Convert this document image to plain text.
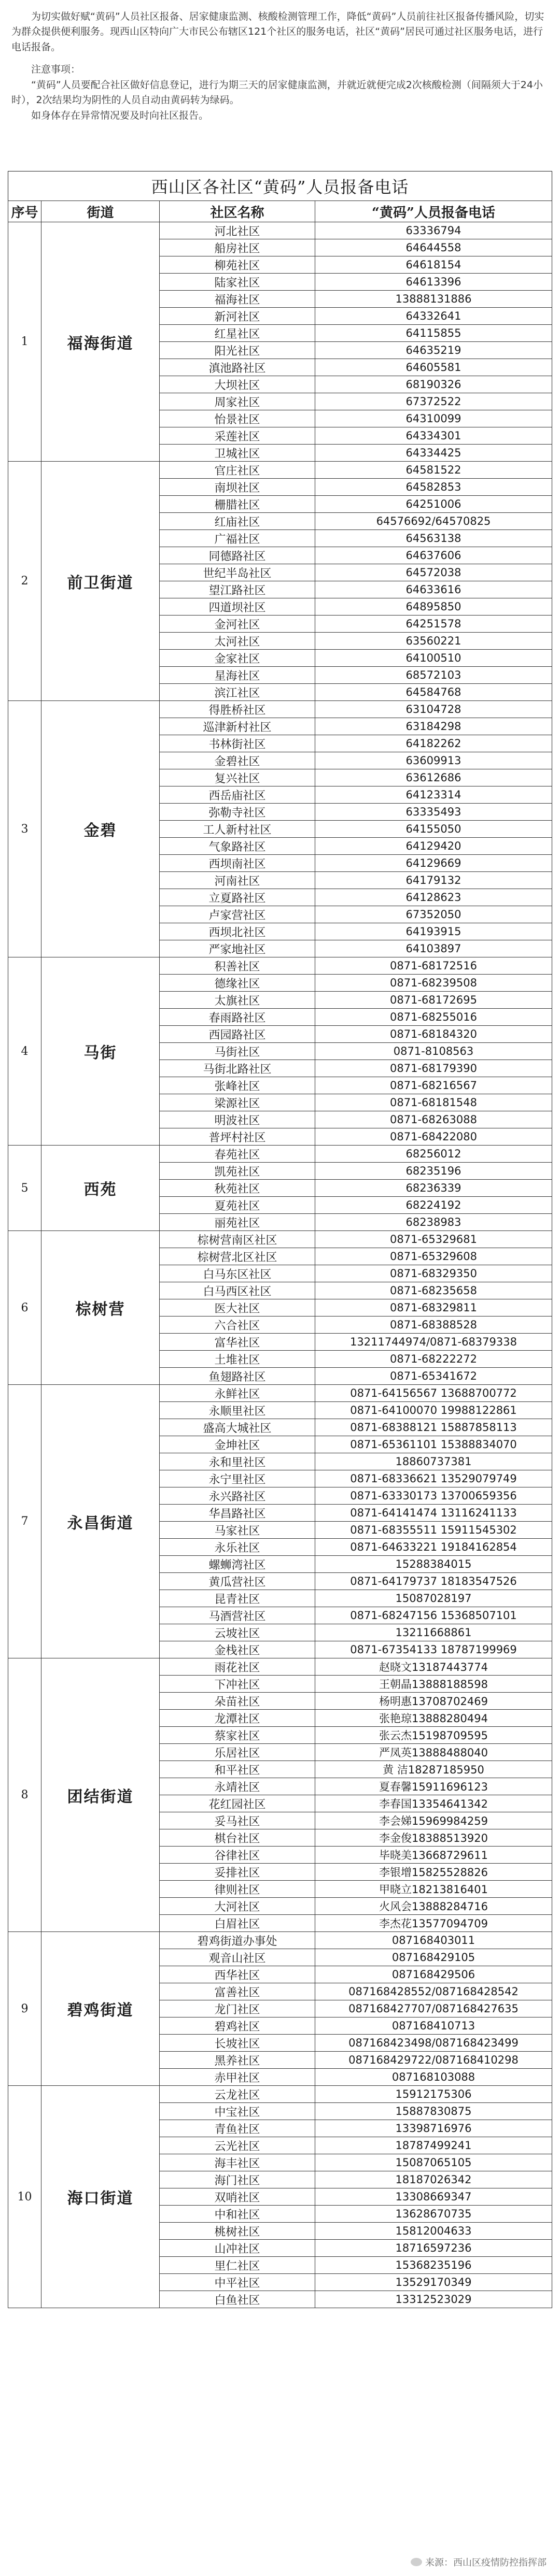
为切实做好赋“黄码”人员社区报备、居家健康监测、核酸检测管理工作，降低“黄码”人员前往社区报备传播风险，切实为群众提供便利服务。现西山区特向广大市民公布辖区121个社区的服务电话，社区“黄码”居民可通过社区服务电话，进行电话报备。

注意事项：

“黄码”人员要配合社区做好信息登记，进行为期三天的居家健康监测，并就近就便完成2次核酸检测（间隔须大于24小时），2次结果均为阴性的人员自动由黄码转为绿码。

如身体存在异常情况要及时向社区报告。

西山区各社区“黄码”人员报备电话
序号	街道	社区名称	“黄码”人员报备电话
1	福海街道	河北社区	63336794
		船房社区	64644558
		柳苑社区	64618154
		陆家社区	64613396
		福海社区	13888131886
		新河社区	64332641
		红星社区	64115855
		阳光社区	64635219
		滇池路社区	64605581
		大坝社区	68190326
		周家社区	67372522
		怡景社区	64310099
		采莲社区	64334301
		卫城社区	64334425
2	前卫街道	官庄社区	64581522
		南坝社区	64582853
		栅腊社区	64251006
		红庙社区	64576692/64570825
		广福社区	64563138
		同德路社区	64637606
		世纪半岛社区	64572038
		望江路社区	64633616
		四道坝社区	64895850
		金河社区	64251578
		太河社区	63560221
		金家社区	64100510
		星海社区	68572103
		滨江社区	64584768
3	金碧	得胜桥社区	63104728
		巡津新村社区	63184298
		书林街社区	64182262
		金碧社区	63609913
		复兴社区	63612686
		西岳庙社区	64123314
		弥勒寺社区	63335493
		工人新村社区	64155050
		气象路社区	64129420
		西坝南社区	64129669
		河南社区	64179132
		立夏路社区	64128623
		卢家营社区	67352050
		西坝北社区	64193915
		严家地社区	64103897
4	马街	积善社区	0871-68172516
		德缘社区	0871-68239508
		太旗社区	0871-68172695
		春雨路社区	0871-68255016
		西园路社区	0871-68184320
		马街社区	0871-8108563
		马街北路社区	0871-68179390
		张峰社区	0871-68216567
		梁源社区	0871-68181548
		明波社区	0871-68263088
		普坪村社区	0871-68422080
5	西苑	春苑社区	68256012
		凯苑社区	68235196
		秋苑社区	68236339
		夏苑社区	68224192
		丽苑社区	68238983
6	棕树营	棕树营南区社区	0871-65329681
		棕树营北区社区	0871-65329608
		白马东区社区	0871-68329350
		白马西区社区	0871-68235658
		医大社区	0871-68329811
		六合社区	0871-68388528
		富华社区	13211744974/0871-68379338
		土堆社区	0871-68222272
		鱼翅路社区	0871-65341672
7	永昌街道	永鲜社区	0871-64156567 13688700772
		永顺里社区	0871-64100070 19988122861
		盛高大城社区	0871-68388121 15887858113
		金坤社区	0871-65361101 15388834070
		永和里社区	18860737381
		永宁里社区	0871-68336621 13529079749
		永兴路社区	0871-63330173 13700659356
		华昌路社区	0871-64141474 13116241133
		马家社区	0871-68355511 15911545302
		永乐社区	0871-64633221 19184162854
		螺蛳湾社区	15288384015
		黄瓜营社区	0871-64179737 18183547526
		昆青社区	15087028197
		马酒营社区	0871-68247156 15368507101
		云坡社区	13211668861
		金栈社区	0871-67354133 18787199969
8	团结街道	雨花社区	赵晓文13187443774
		下冲社区	王朝晶13888188598
		朵苗社区	杨明惠13708702469
		龙潭社区	张艳琼13888280494
		蔡家社区	张云杰15198709595
		乐居社区	严凤英13888488040
		和平社区	黄 洁18287185950
		永靖社区	夏春馨15911696123
		花红园社区	李春国13354641342
		妥马社区	李会娣15969984259
		棋台社区	李金俊18388513920
		谷律社区	毕晓美13668729611
		妥排社区	李银增15825528826
		律则社区	甲晓立18213816401
		大河社区	火风会13888284716
		白眉社区	李杰花13577094709
9	碧鸡街道	碧鸡街道办事处	087168403011
		观音山社区	087168429105
		西华社区	087168429506
		富善社区	087168428552/087168428542
		龙门社区	087168427707/087168427635
		碧鸡社区	087168410713
		长坡社区	087168423498/087168423499
		黑养社区	087168429722/087168410298
		赤甲社区	087168103088
10	海口街道	云龙社区	15912175306
		中宝社区	15887830875
		青鱼社区	13398716976
		云光社区	18787499241
		海丰社区	15087065105
		海门社区	18187026342
		双哨社区	13308669347
		中和社区	13628670735
		桃树社区	15812004633
		山冲社区	18716597236
		里仁社区	15368235196
		中平社区	13529170349
		白鱼社区	13312523029
来源：西山区疫情防控指挥部
